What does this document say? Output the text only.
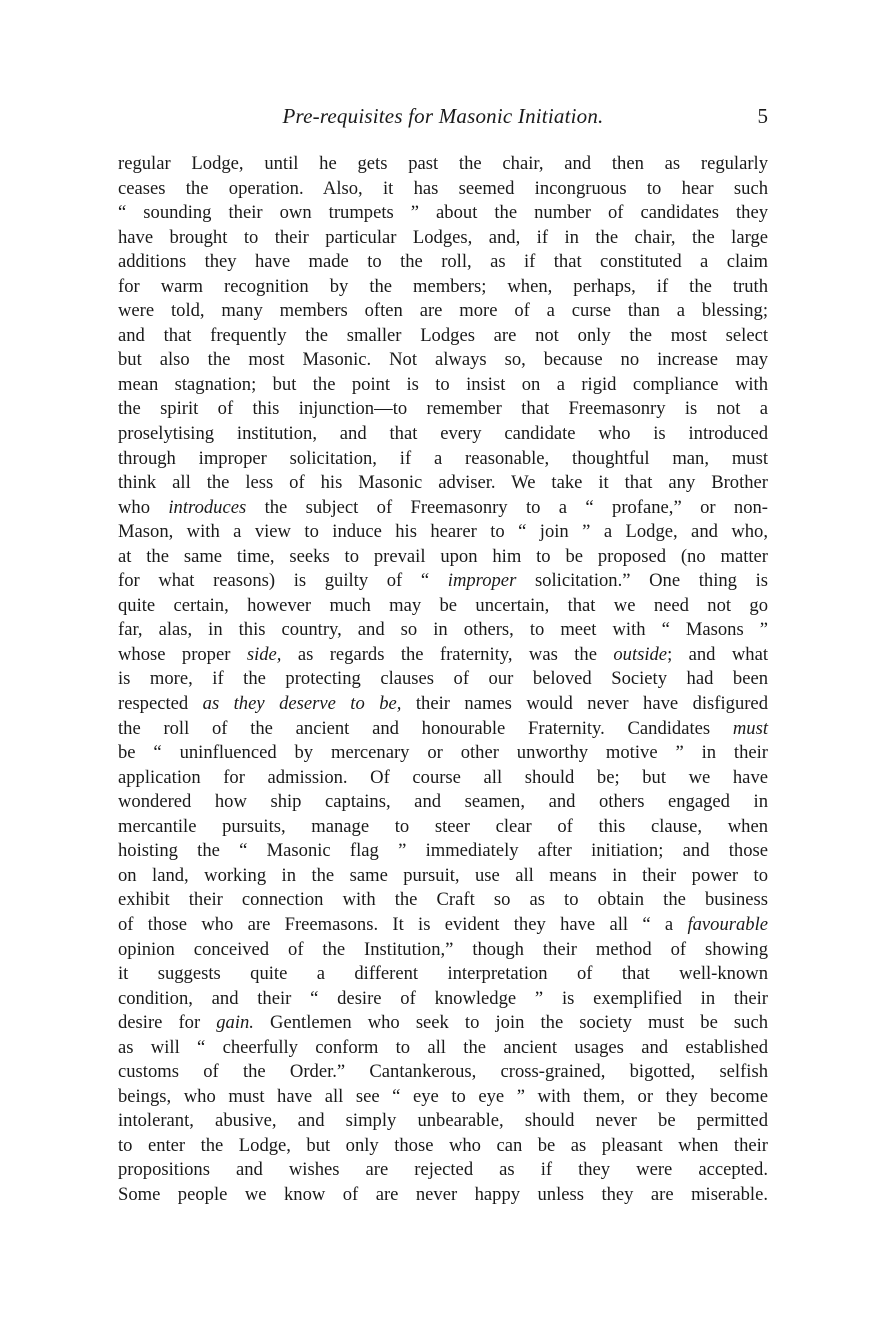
Pre-requisites for Masonic Initiation.	5
regular Lodge, until he gets past the chair, and then as regularly
ceases the operation. Also, it has seemed incongruous to hear such
“ sounding their own trumpets ” about the number of candidates they
have brought to their particular Lodges, and, if in the chair, the large
additions they have made to the roll, as if that constituted a claim
for warm recognition by the members; when, perhaps, if the truth
were told, many members often are more of a curse than a blessing;
and that frequently the smaller Lodges are not only the most select
but also the most Masonic. Not always so, because no increase may
mean stagnation; but the point is to insist on a rigid compliance with
the spirit of this injunction—to remember that Freemasonry is not a
proselytising institution, and that every candidate who is introduced
through improper solicitation, if a reasonable, thoughtful man, must
think all the less of his Masonic adviser. We take it that any Brother
who introduces the subject of Freemasonry to a “ profane,” or non-
Mason, with a view to induce his hearer to “ join ” a Lodge, and who,
at the same time, seeks to prevail upon him to be proposed (no matter
for what reasons) is guilty of “ improper solicitation.” One thing is
quite certain, however much may be uncertain, that we need not go
far, alas, in this country, and so in others, to meet with “ Masons ”
whose proper side, as regards the fraternity, was the outside; and what
is more, if the protecting clauses of our beloved Society had been
respected as they deserve to be, their names would never have disfigured
the roll of the ancient and honourable Fraternity. Candidates must
be “ uninfluenced by mercenary or other unworthy motive ” in their
application for admission. Of course all should be; but we have
wondered how ship captains, and seamen, and others engaged in
mercantile pursuits, manage to steer clear of this clause, when
hoisting the “ Masonic flag ” immediately after initiation; and those
on land, working in the same pursuit, use all means in their power to
exhibit their connection with the Craft so as to obtain the business
of those who are Freemasons. It is evident they have all “ a favourable
opinion conceived of the Institution,” though their method of showing
it suggests quite a different interpretation of that well-known
condition, and their “ desire of knowledge ” is exemplified in their
desire for gain. Gentlemen who seek to join the society must be such
as will “ cheerfully conform to all the ancient usages and established
customs of the Order.” Cantankerous, cross-grained, bigotted, selfish
beings, who must have all see “ eye to eye ” with them, or they become
intolerant, abusive, and simply unbearable, should never be permitted
to enter the Lodge, but only those who can be as pleasant when their
propositions and wishes are rejected as if they were accepted.
Some people we know of are never happy unless they are miserable.
